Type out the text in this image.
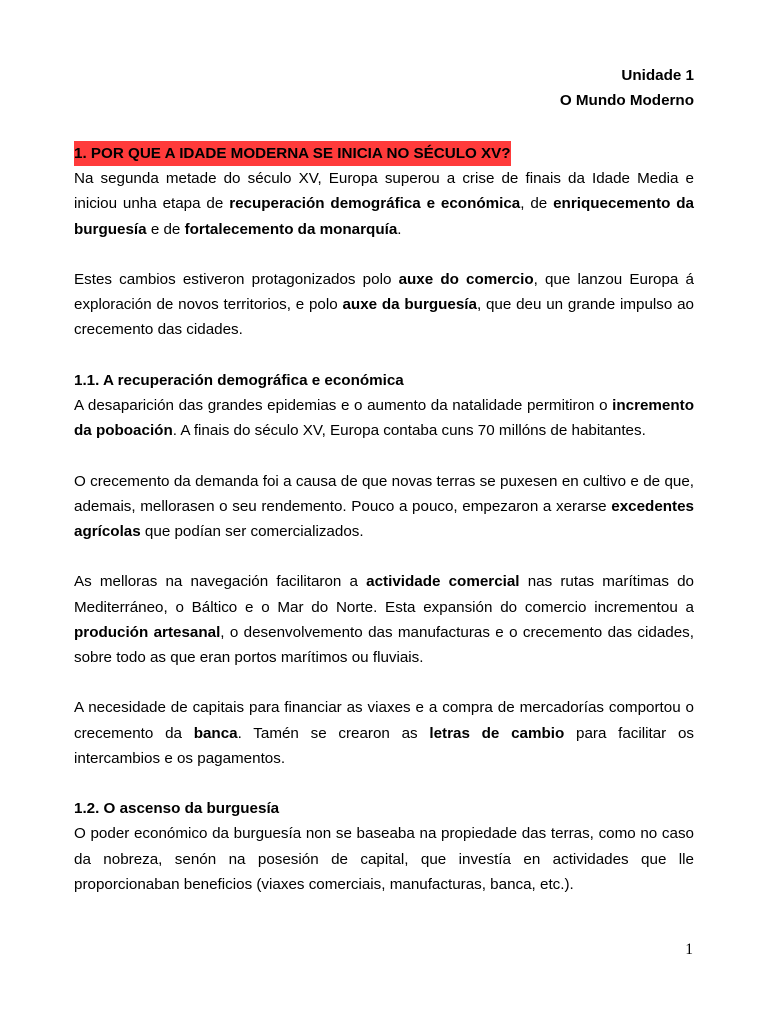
Unidade 1
O Mundo Moderno
1. POR QUE A IDADE MODERNA SE INICIA NO SÉCULO XV?

Na segunda metade do século XV, Europa superou a crise de finais da Idade Media e iniciou unha etapa de recuperación demográfica e económica, de enriquecemento da burguesía e de fortalecemento da monarquía.

Estes cambios estiveron protagonizados polo auxe do comercio, que lanzou Europa á exploración de novos territorios, e polo auxe da burguesía, que deu un grande impulso ao crecemento das cidades.

1.1. A recuperación demográfica e económica

A desaparición das grandes epidemias e o aumento da natalidade permitiron o incremento da poboación. A finais do século XV, Europa contaba cuns 70 millóns de habitantes.

O crecemento da demanda foi a causa de que novas terras se puxesen en cultivo e de que, ademais, mellorasen o seu rendemento. Pouco a pouco, empezaron a xerarse excedentes agrícolas que podían ser comercializados.

As melloras na navegación facilitaron a actividade comercial nas rutas marítimas do Mediterráneo, o Báltico e o Mar do Norte. Esta expansión do comercio incrementou a produción artesanal, o desenvolvemento das manufacturas e o crecemento das cidades, sobre todo as que eran portos marítimos ou fluviais.

A necesidade de capitais para financiar as viaxes e a compra de mercadorías comportou o crecemento da banca. Tamén se crearon as letras de cambio para facilitar os intercambios e os pagamentos.

1.2. O ascenso da burguesía

O poder económico da burguesía non se baseaba na propiedade das terras, como no caso da nobreza, senón na posesión de capital, que investía en actividades que lle proporcionaban beneficios (viaxes comerciais, manufacturas, banca, etc.).

1
